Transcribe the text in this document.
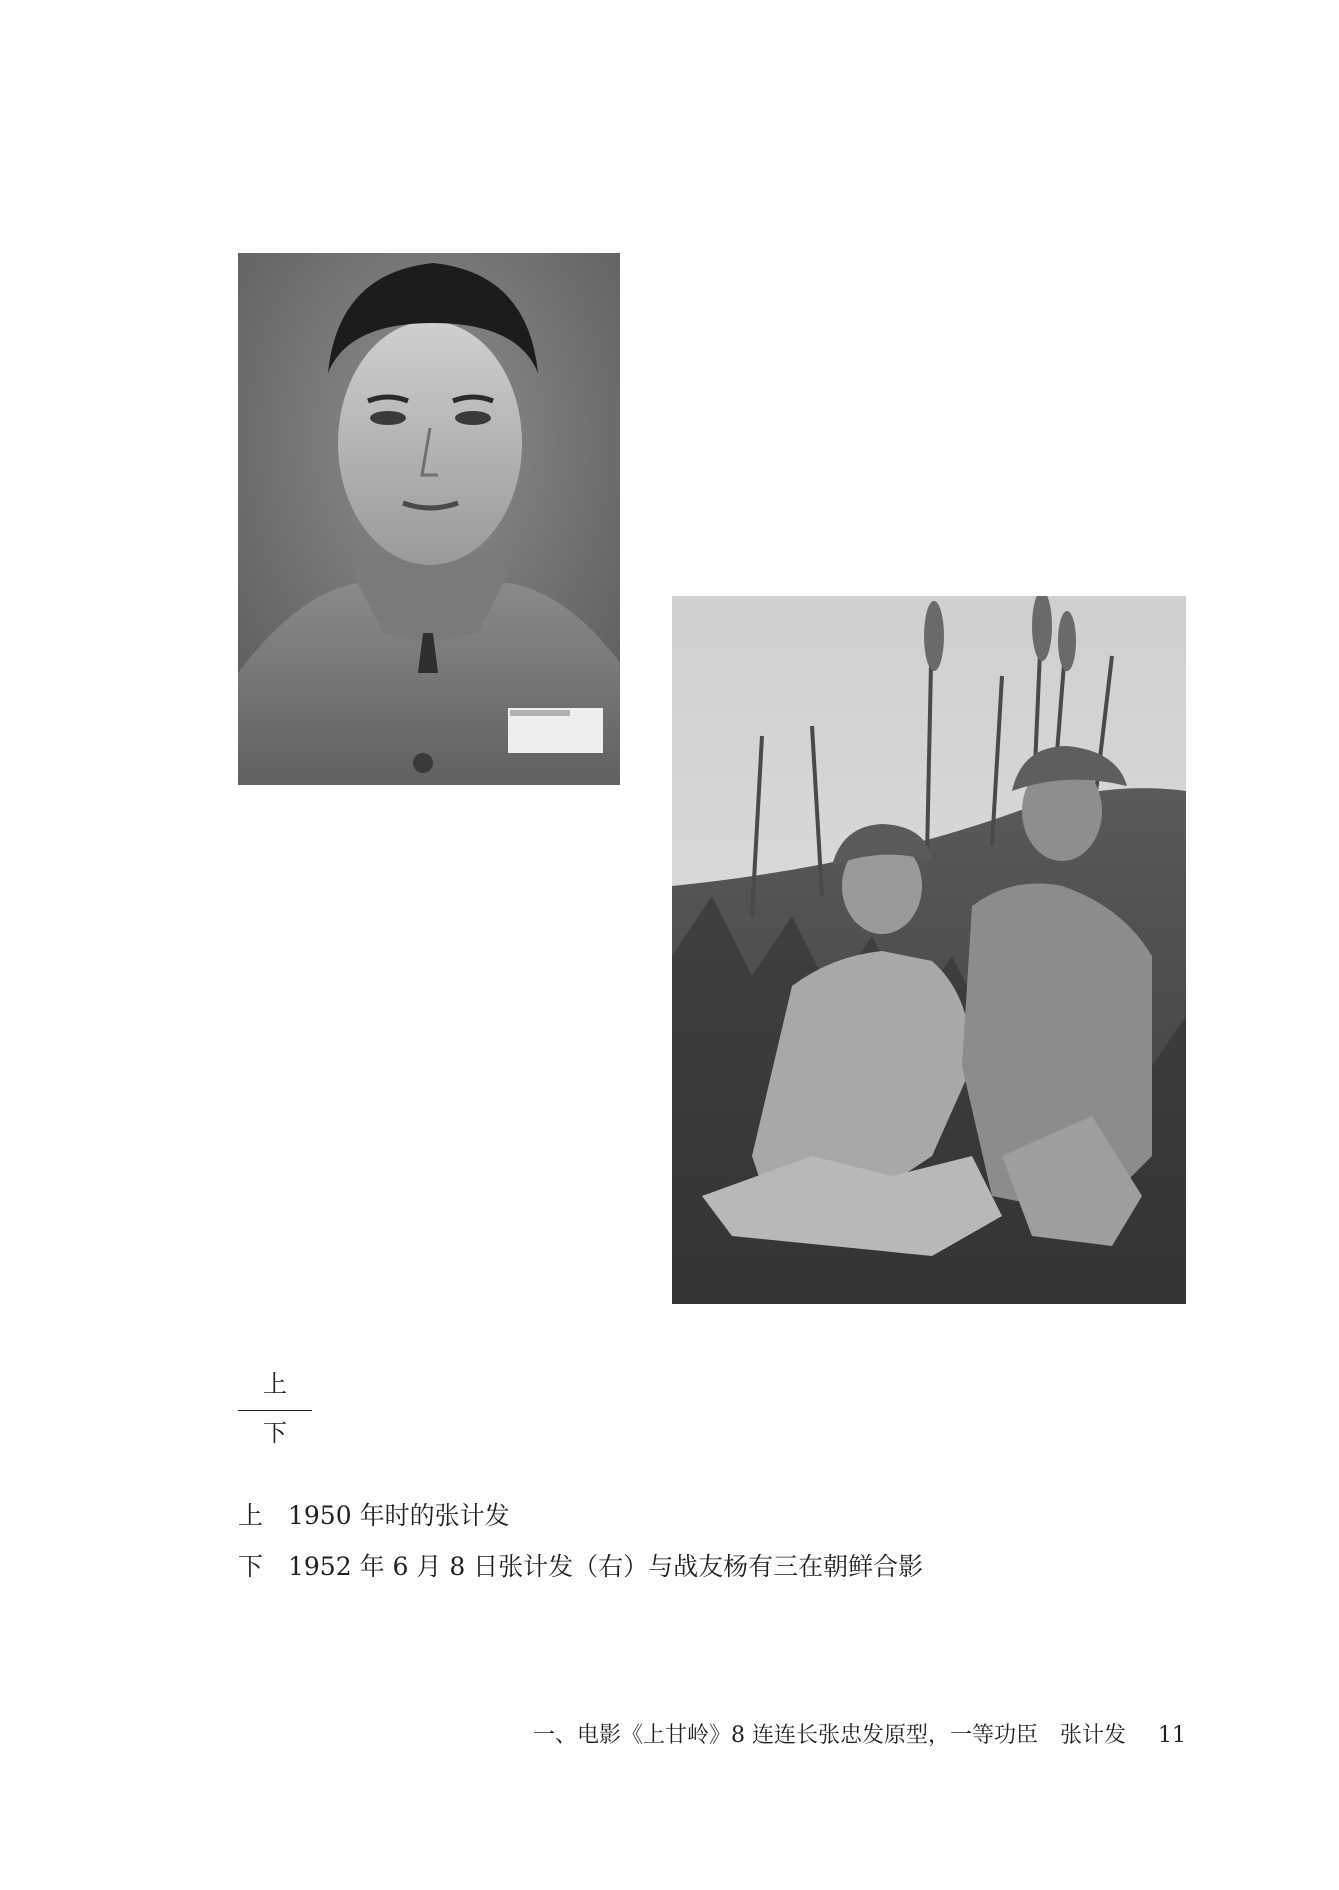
上
下
上 1950 年时的张计发
下 1952 年 6 月 8 日张计发（右）与战友杨有三在朝鲜合影
一、电影《上甘岭》8 连连长张忠发原型，一等功臣　张计发 11
